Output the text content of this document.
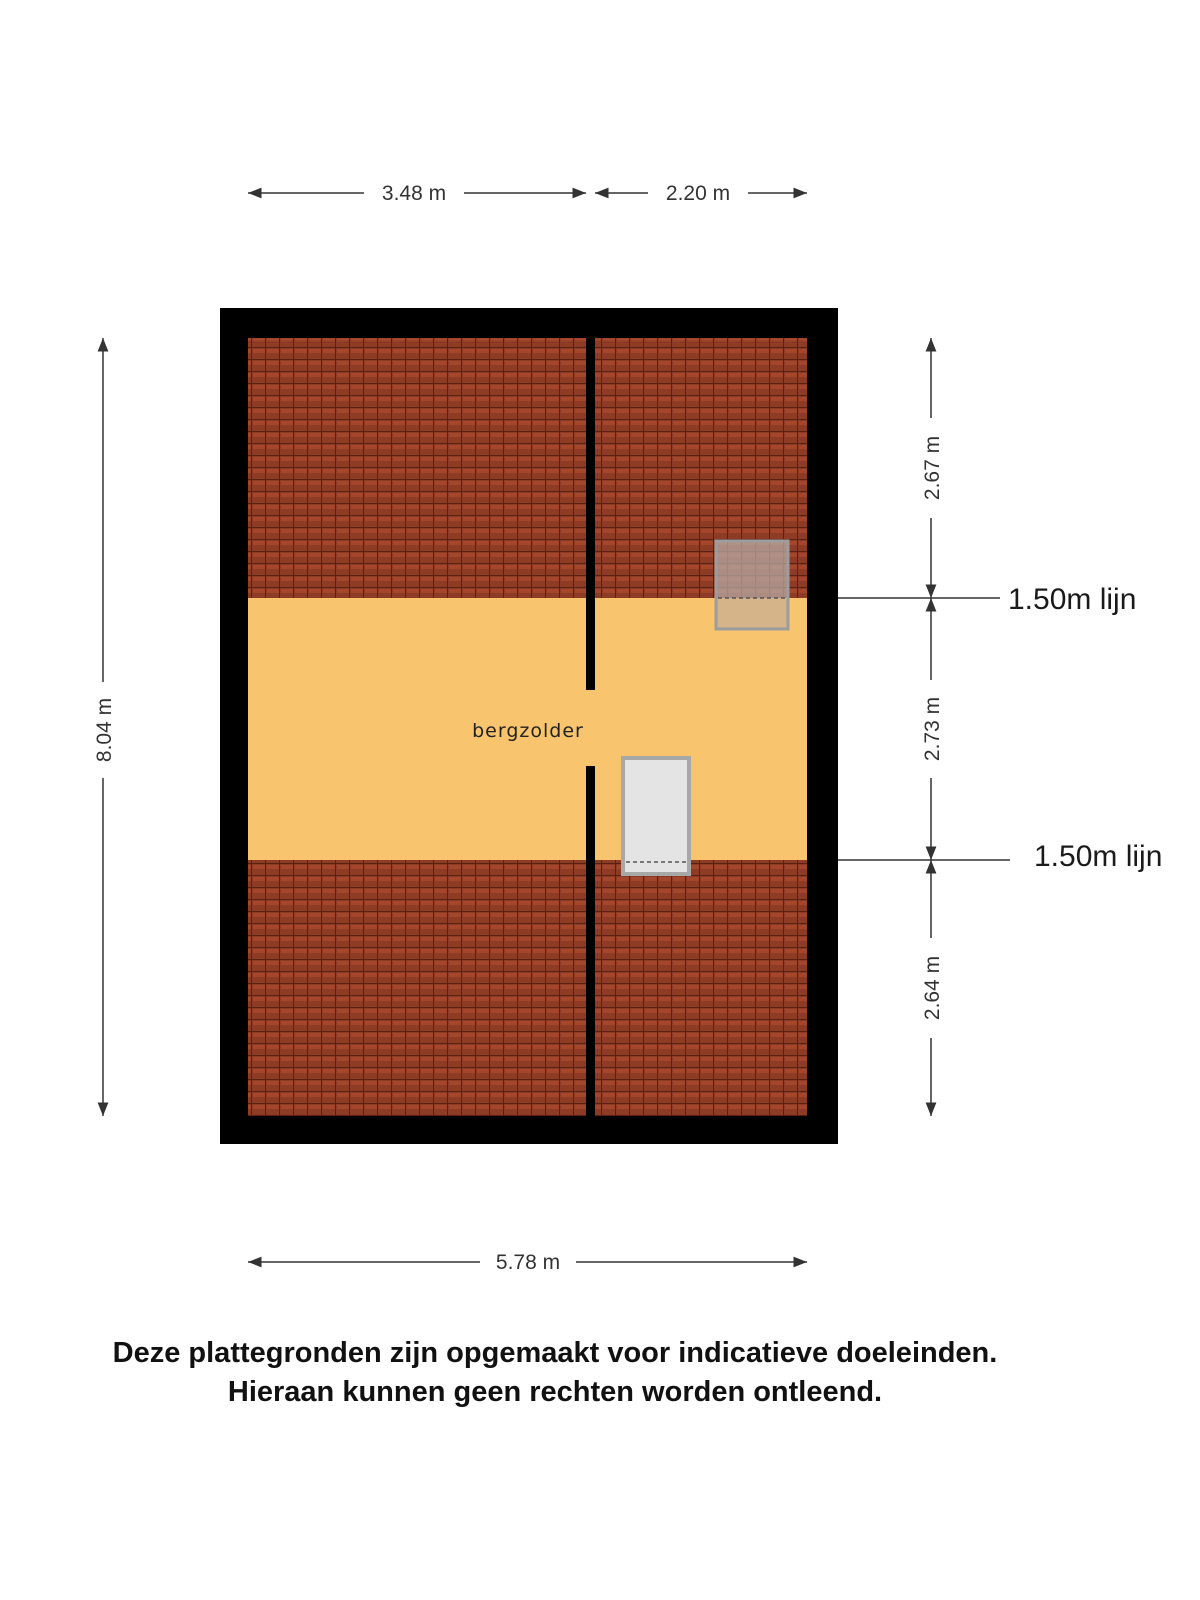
bergzolder
3.48 m	2.20 m
5.78 m
8.04 m
2.67 m
2.73 m
2.64 m
1.50m lijn
1.50m lijn
Deze plattegronden zijn opgemaakt voor indicatieve doeleinden.
Hieraan kunnen geen rechten worden ontleend.
